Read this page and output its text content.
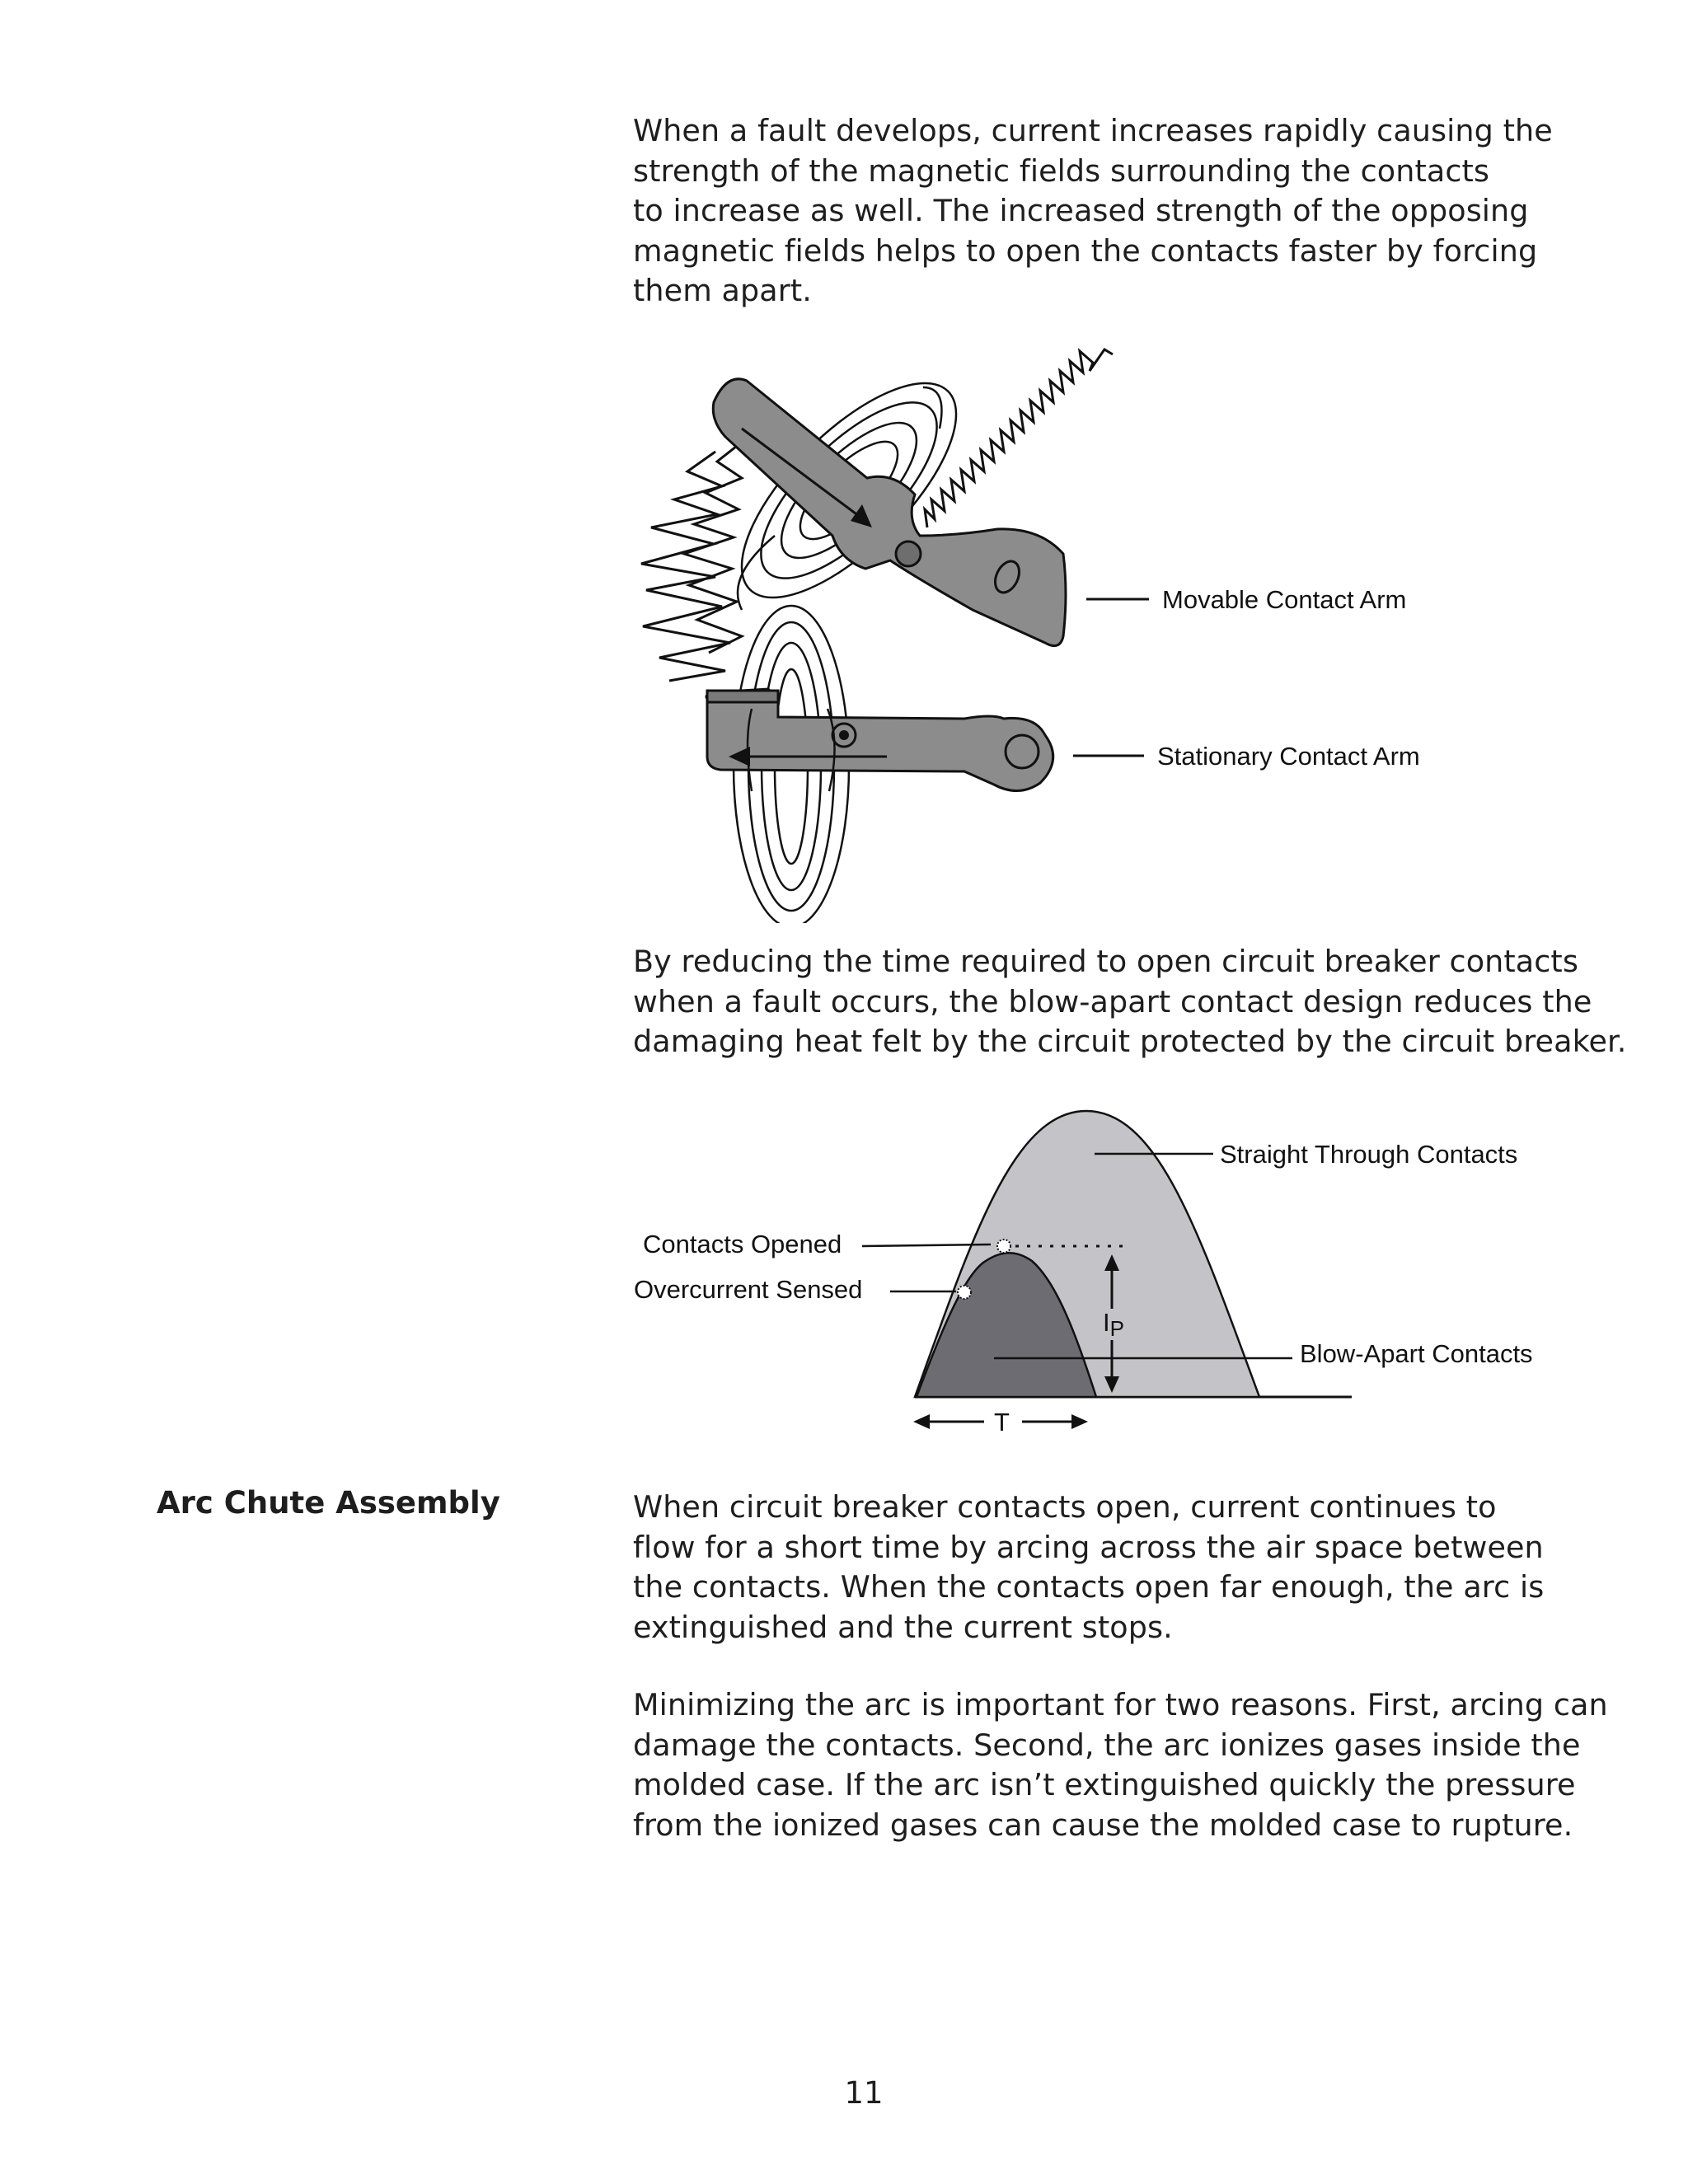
When a fault develops, current increases rapidly causing the
strength of the magnetic fields surrounding the contacts
to increase as well. The increased strength of the opposing
magnetic fields helps to open the contacts faster by forcing
them apart.

Movable Contact Arm
Stationary Contact Arm

By reducing the time required to open circuit breaker contacts
when a fault occurs, the blow-apart contact design reduces the
damaging heat felt by the circuit protected by the circuit breaker.

IP
T
Straight Through Contacts
Contacts Opened
Overcurrent Sensed
Blow-Apart Contacts
Arc Chute Assembly	When circuit breaker contacts open, current continues to
flow for a short time by arcing across the air space between
the contacts. When the contacts open far enough, the arc is
extinguished and the current stops.

Minimizing the arc is important for two reasons. First, arcing can
damage the contacts. Second, the arc ionizes gases inside the
molded case. If the arc isn’t extinguished quickly the pressure
from the ionized gases can cause the molded case to rupture.

11
